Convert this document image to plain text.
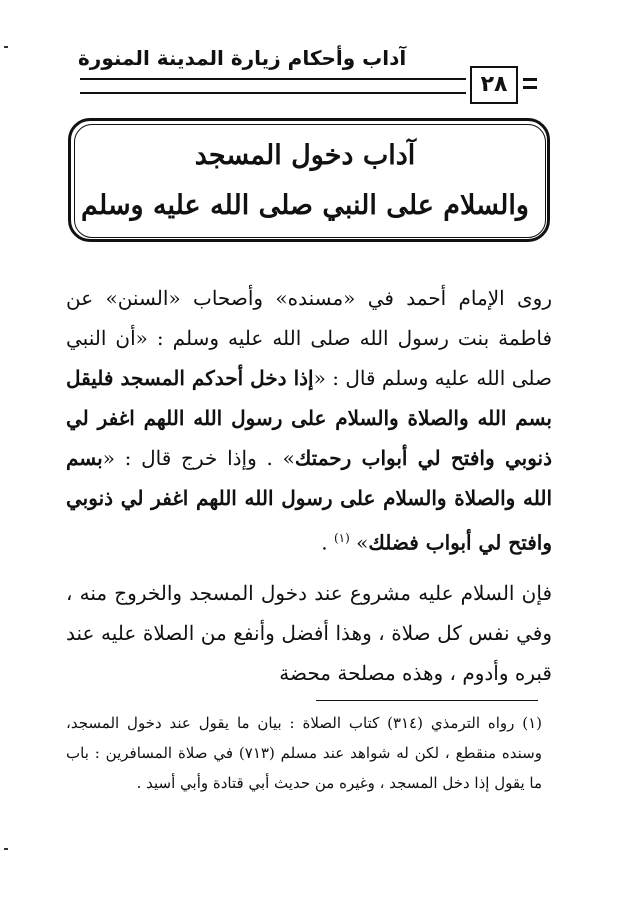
آداب وأحكام زيارة المدينة المنورة
٢٨
آداب دخول المسجد
والسلام على النبي صلى الله عليه وسلم

روى الإمام أحمد في «مسنده» وأصحاب «السنن» عن فاطمة بنت رسول الله صلى الله عليه وسلم : «أن النبي صلى الله عليه وسلم قال : «إذا دخل أحدكم المسجد فليقل بسم الله والصلاة والسلام على رسول الله اللهم اغفر لي ذنوبي وافتح لي أبواب رحمتك» . وإذا خرج قال : «بسم الله والصلاة والسلام على رسول الله اللهم اغفر لي ذنوبي وافتح لي أبواب فضلك» $^{(١)}$ .

فإن السلام عليه مشروع عند دخول المسجد والخروج منه ، وفي نفس كل صلاة ، وهذا أفضل وأنفع من الصلاة عليه عند قبره وأدوم ، وهذه مصلحة محضة

(١) رواه الترمذي (٣١٤) كتاب الصلاة : بيان ما يقول عند دخول المسجد، وسنده منقطع ، لكن له شواهد عند مسلم (٧١٣) في صلاة المسافرين : باب ما يقول إذا دخل المسجد ، وغيره من حديث أبي قتادة وأبي أسيد .
